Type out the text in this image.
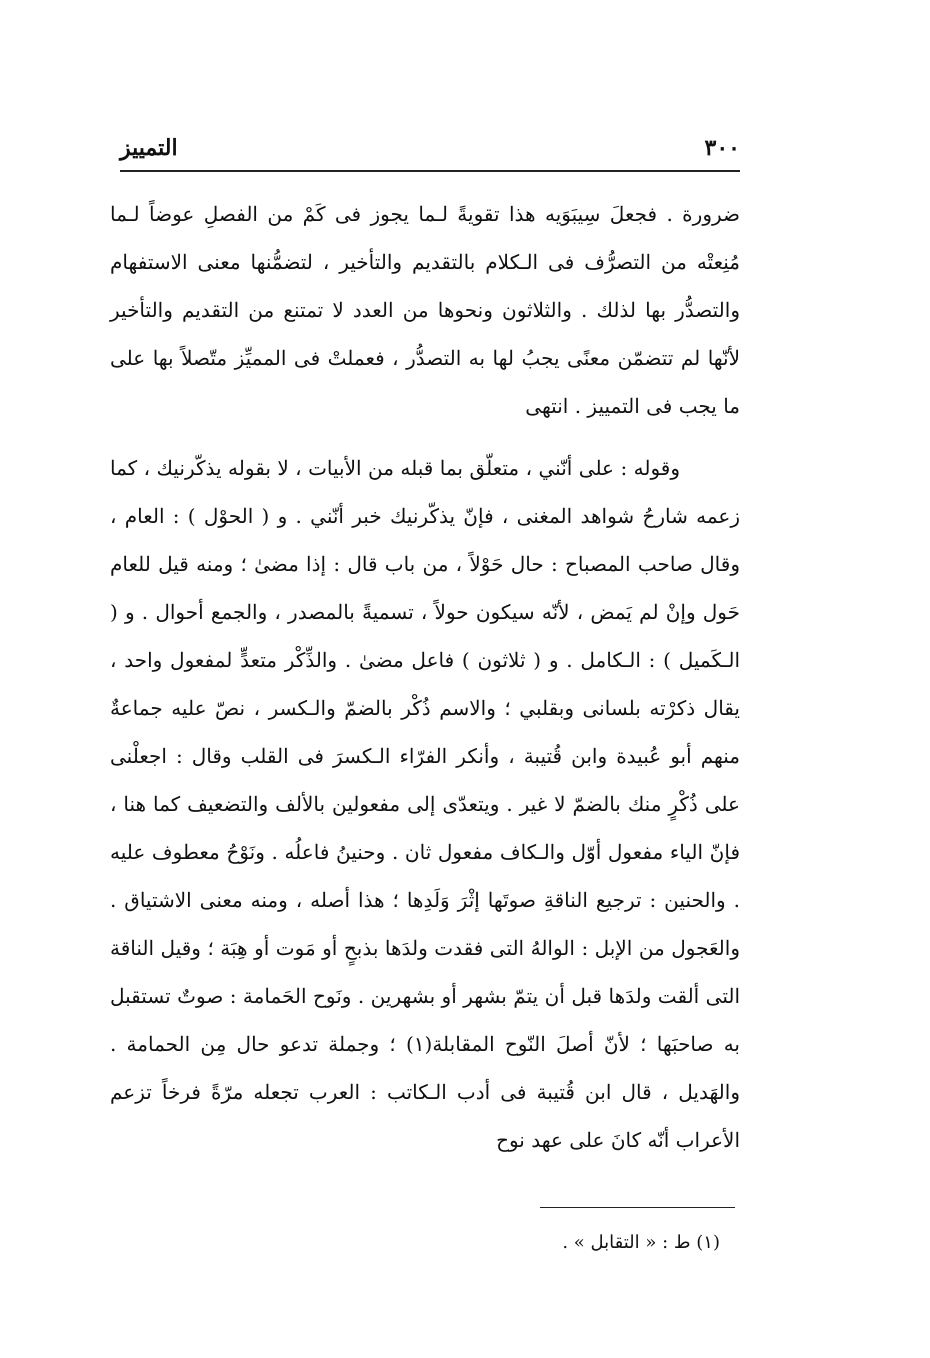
٣٠٠
التمييز

ضرورة . فجعلَ سِيبَوَيه هذا تقويةً لـما يجوز فى كَمْ من الفصلِ عوضاً لـما مُنِعتْه من التصرُّف فى الـكلام بالتقديم والتأخير ، لتضمُّنها معنى الاستفهام والتصدُّر بها لذلك . والثلاثون ونحوها من العدد لا تمتنع من التقديم والتأخير لأنّها لم تتضمّن معنًى يجبُ لها به التصدُّر ، فعملتْ فى المميِّز متّصلاً بها على ما يجب فى التمييز . انتهى

وقوله : على أنّني ، متعلّق بما قبله من الأبيات ، لا بقوله يذكّرنيك ، كما زعمه شارحُ شواهد المغنى ، فإنّ يذكّرنيك خبر أنّني . و ( الحوْل ) : العام ، وقال صاحب المصباح : حال حَوْلاً ، من باب قال : إذا مضىٰ ؛ ومنه قيل للعام حَول وإنْ لم يَمض ، لأنّه سيكون حولاً ، تسميةً بالمصدر ، والجمع أحوال . و ( الـكَميل ) : الـكامل . و ( ثلاثون ) فاعل مضىٰ . والذِّكْر متعدٍّ لمفعول واحد ، يقال ذكرْته بلسانى وبقلبي ؛ والاسم ذُكْر بالضمّ والـكسر ، نصّ عليه جماعةٌ منهم أبو عُبيدة وابن قُتيبة ، وأنكر الفرّاء الـكسرَ فى القلب وقال : اجعلْنى على ذُكْرٍ منك بالضمّ لا غير . ويتعدّى إلى مفعولين بالألف والتضعيف كما هنا ، فإنّ الياء مفعول أوّل والـكاف مفعول ثان . وحنينُ فاعلُه . ونَوْحُ معطوف عليه . والحنين : ترجيع الناقةِ صوتَها إثْرَ وَلَدِها ؛ هذا أصله ، ومنه معنى الاشتياق . والعَجول من الإبل : الوالهُ التى فقدت ولدَها بذبحٍ أو مَوت أو هِبَة ؛ وقيل الناقة التى ألقت ولدَها قبل أن يتمّ بشهر أو بشهرين . ونَوح الحَمامة : صوتٌ تستقبل به صاحبَها ؛ لأنّ أصلَ النّوح المقابلة(١) ؛ وجملة تدعو حال مِن الحمامة . والهَديل ، قال ابن قُتيبة فى أدب الـكاتب : العرب تجعله مرّةً فرخاً تزعم الأعراب أنّه كانَ على عهد نوح

(١) ط : « التقابل » .
